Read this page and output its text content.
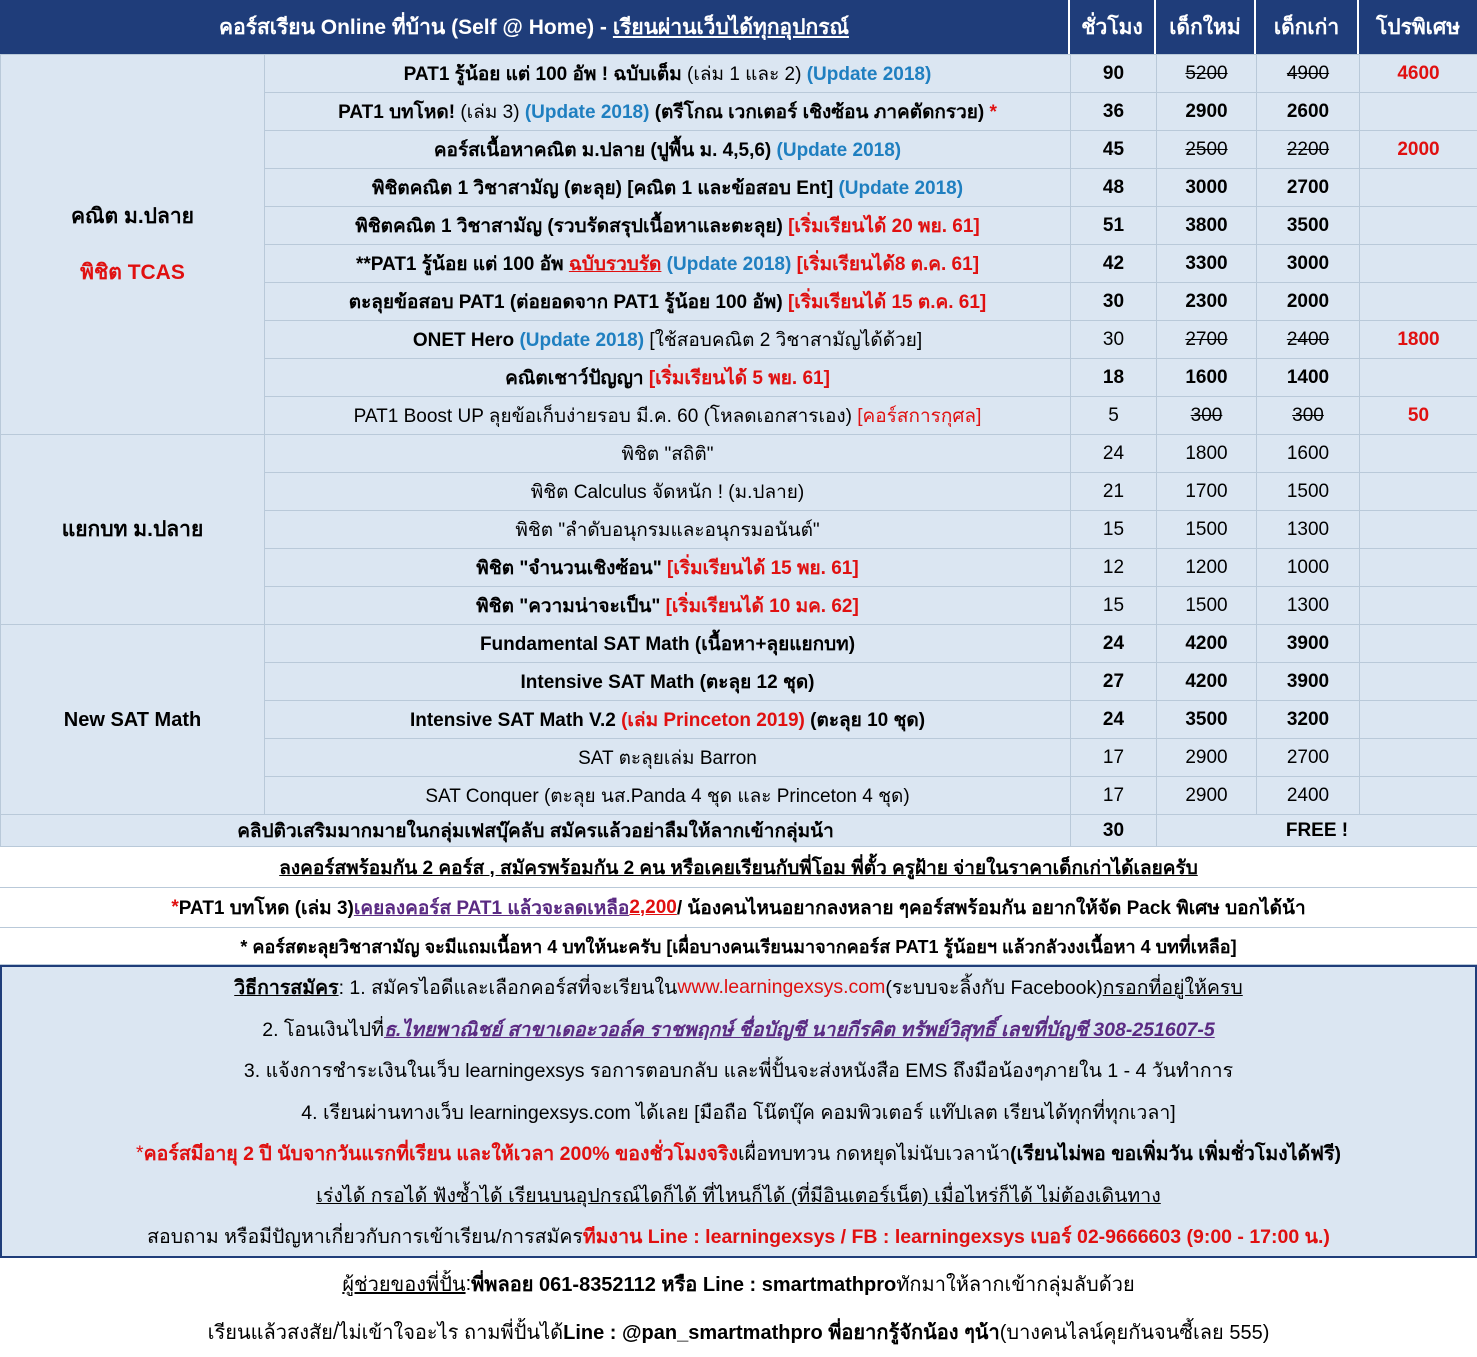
คอร์สเรียน Online ที่บ้าน (Self @ Home) - เรียนผ่านเว็บได้ทุกอุปกรณ์	ชั่วโมง	เด็กใหม่	เด็กเก่า	โปรพิเศษ
คณิต ม.ปลาย
พิชิต TCAS	PAT1 รู้น้อย แต่ 100 อัพ ! ฉบับเต็ม (เล่ม 1 และ 2) (Update 2018)	90	5200	4900	4600
	PAT1 บทโหด! (เล่ม 3) (Update 2018) (ตรีโกณ เวกเตอร์ เชิงซ้อน ภาคตัดกรวย) *	36	2900	2600	
	คอร์สเนื้อหาคณิต ม.ปลาย (ปูพื้น ม. 4,5,6) (Update 2018)	45	2500	2200	2000
	พิชิตคณิต 1 วิชาสามัญ (ตะลุย) [คณิต 1 และข้อสอบ Ent] (Update 2018)	48	3000	2700	
	พิชิตคณิต 1 วิชาสามัญ (รวบรัดสรุปเนื้อหาและตะลุย) [เริ่มเรียนได้ 20 พย. 61]	51	3800	3500	
	**PAT1 รู้น้อย แต่ 100 อัพ ฉบับรวบรัด (Update 2018) [เริ่มเรียนได้8 ต.ค. 61]	42	3300	3000	
	ตะลุยข้อสอบ PAT1 (ต่อยอดจาก PAT1 รู้น้อย 100 อัพ) [เริ่มเรียนได้ 15 ต.ค. 61]	30	2300	2000	
	ONET Hero (Update 2018) [ใช้สอบคณิต 2 วิชาสามัญได้ด้วย]	30	2700	2400	1800
	คณิตเชาว์ปัญญา [เริ่มเรียนได้ 5 พย. 61]	18	1600	1400	
	PAT1 Boost UP ลุยข้อเก็บง่ายรอบ มี.ค. 60 (โหลดเอกสารเอง) [คอร์สการกุศล]	5	300	300	50
แยกบท ม.ปลาย	พิชิต "สถิติ"	24	1800	1600	
	พิชิต Calculus จัดหนัก ! (ม.ปลาย)	21	1700	1500	
	พิชิต "ลำดับอนุกรมและอนุกรมอนันต์"	15	1500	1300	
	พิชิต "จำนวนเชิงซ้อน" [เริ่มเรียนได้ 15 พย. 61]	12	1200	1000	
	พิชิต "ความน่าจะเป็น" [เริ่มเรียนได้ 10 มค. 62]	15	1500	1300	
New SAT Math	Fundamental SAT Math (เนื้อหา+ลุยแยกบท)	24	4200	3900	
	Intensive SAT Math (ตะลุย 12 ชุด)	27	4200	3900	
	Intensive SAT Math V.2 (เล่ม Princeton 2019) (ตะลุย 10 ชุด)	24	3500	3200	
	SAT ตะลุยเล่ม Barron	17	2900	2700	
	SAT Conquer (ตะลุย นส.Panda 4 ชุด และ Princeton 4 ชุด)	17	2900	2400	
คลิปติวเสริมมากมายในกลุ่มเฟสบุ๊คลับ สมัครแล้วอย่าลืมให้ลากเข้ากลุ่มน้า		30	FREE !		
ลงคอร์สพร้อมกัน 2 คอร์ส , สมัครพร้อมกัน 2 คน หรือเคยเรียนกับพี่โอม พี่ตั้ว ครูฝ้าย จ่ายในราคาเด็กเก่าได้เลยครับ
* PAT1 บทโหด (เล่ม 3) เคยลงคอร์ส PAT1 แล้วจะลดเหลือ 2,200 / น้องคนไหนอยากลงหลาย ๆคอร์สพร้อมกัน อยากให้จัด Pack พิเศษ บอกได้น้า
* คอร์สตะลุยวิชาสามัญ จะมีแถมเนื้อหา 4 บทให้นะครับ [เผื่อบางคนเรียนมาจากคอร์ส PAT1 รู้น้อยฯ แล้วกลัวงงเนื้อหา 4 บทที่เหลือ]
วิธีการสมัคร : 1. สมัครไอดีและเลือกคอร์สที่จะเรียนใน www.learningexsys.com (ระบบจะลิ้งกับ Facebook) กรอกที่อยู่ให้ครบ
2. โอนเงินไปที่ ธ.ไทยพาณิชย์ สาขาเดอะวอล์ค ราชพฤกษ์ ชื่อบัญชี นายกีรคิต ทรัพย์วิสุทธิ์ เลขที่บัญชี 308-251607-5
3. แจ้งการชำระเงินในเว็บ learningexsys รอการตอบกลับ และพี่ปั้นจะส่งหนังสือ EMS ถึงมือน้องๆภายใน 1 - 4 วันทำการ
4. เรียนผ่านทางเว็บ learningexsys.com ได้เลย [มือถือ โน๊ตบุ๊ค คอมพิวเตอร์ แท๊ปเลต เรียนได้ทุกที่ทุกเวลา]
* คอร์สมีอายุ 2 ปี นับจากวันแรกที่เรียน และให้เวลา 200% ของชั่วโมงจริง เผื่อทบทวน กดหยุดไม่นับเวลาน้า (เรียนไม่พอ ขอเพิ่มวัน เพิ่มชั่วโมงได้ฟรี)
เร่งได้ กรอได้ ฟังซ้ำได้ เรียนบนอุปกรณ์ไดก็ได้ ที่ไหนก็ได้ (ที่มีอินเตอร์เน็ต) เมื่อไหร่ก็ได้ ไม่ต้องเดินทาง
สอบถาม หรือมีปัญหาเกี่ยวกับการเข้าเรียน/การสมัคร ทีมงาน Line : learningexsys / FB : learningexsys เบอร์ 02-9666603 (9:00 - 17:00 น.)
ผู้ช่วยของพี่ปั้น : พี่พลอย 061-8352112 หรือ Line : smartmathpro ทักมาให้ลากเข้ากลุ่มลับด้วย
เรียนแล้วสงสัย/ไม่เข้าใจอะไร ถามพี่ปั้นได้ Line : @pan_smartmathpro พี่อยากรู้จักน้อง ๆน้า (บางคนไลน์คุยกันจนซี้เลย 555)
